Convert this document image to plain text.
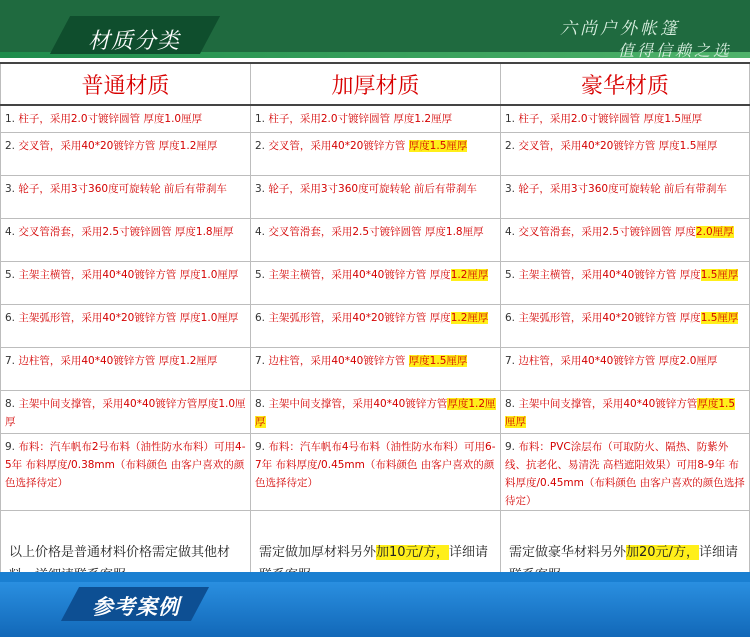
材质分类	六尚户外帐篷
值得信赖之选
普通材质	加厚材质	豪华材质
1. 柱子，采用2.0寸镀锌圆管 厚度1.0厘厚	1. 柱子，采用2.0寸镀锌圆管 厚度1.2厘厚	1. 柱子，采用2.0寸镀锌圆管 厚度1.5厘厚
2. 交叉管，采用40*20镀锌方管 厚度1.2厘厚	2. 交叉管，采用40*20镀锌方管 厚度1.5厘厚	2. 交叉管，采用40*20镀锌方管 厚度1.5厘厚
3. 轮子，采用3寸360度可旋转轮 前后有带刹车	3. 轮子，采用3寸360度可旋转轮 前后有带刹车	3. 轮子，采用3寸360度可旋转轮 前后有带刹车
4. 交叉管滑套，采用2.5寸镀锌圆管 厚度1.8厘厚	4. 交叉管滑套，采用2.5寸镀锌圆管 厚度1.8厘厚	4. 交叉管滑套，采用2.5寸镀锌圆管 厚度2.0厘厚
5. 主架主横管，采用40*40镀锌方管 厚度1.0厘厚	5. 主架主横管，采用40*40镀锌方管 厚度1.2厘厚	5. 主架主横管，采用40*40镀锌方管 厚度1.5厘厚
6. 主架弧形管，采用40*20镀锌方管 厚度1.0厘厚	6. 主架弧形管，采用40*20镀锌方管 厚度1.2厘厚	6. 主架弧形管，采用40*20镀锌方管 厚度1.5厘厚
7. 边柱管，采用40*40镀锌方管 厚度1.2厘厚	7. 边柱管，采用40*40镀锌方管 厚度1.5厘厚	7. 边柱管，采用40*40镀锌方管 厚度2.0厘厚
8. 主架中间支撑管，采用40*40镀锌方管厚度1.0厘厚	8. 主架中间支撑管，采用40*40镀锌方管厚度1.2厘厚	8. 主架中间支撑管，采用40*40镀锌方管厚度1.5厘厚
9. 布料：汽车帆布2号布料（油性防水布料）可用4-5年 布料厚度/0.38mm（布料颜色 由客户喜欢的颜色选择待定）	9. 布料：汽车帆布4号布料（油性防水布料）可用6-7年 布料厚度/0.45mm（布料颜色 由客户喜欢的颜色选择待定）	9. 布料：PVC涂层布（可取防火、隔热、防紫外线、抗老化、易清洗 高档遮阳效果）可用8-9年 布料厚度/0.45mm（布料颜色 由客户喜欢的颜色选择待定）
以上价格是普通材料价格需定做其他材	需定做加厚材料另外加10元/方，详细请	需定做豪华材料另外加20元/方，详细请
参考案例
